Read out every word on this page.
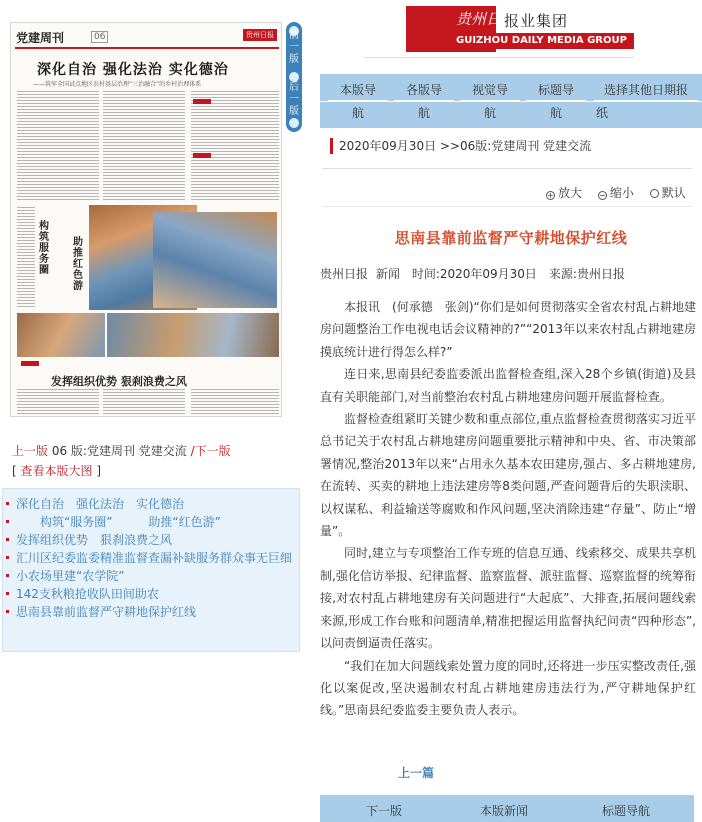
党建周刊	06	贵州日报
深化自治 强化法治 实化德治
——筑牢全国试点地区农村基层治理“三治融合”的乡村治理体系
构筑服务圈
助推红色游
发挥组织优势 狠刹浪费之风
前一版
后一版
上一版 06 版:党建周刊 党建交流 /下一版
[ 查看本版大图 ]
深化自治　强化法治　实化德治
　　构筑“服务圈”　　　助推“红色游”
发挥组织优势　狠刹浪费之风
汇川区纪委监委精准监督查漏补缺服务群众事无巨细
小农场里建“农学院”
142支秋粮抢收队田间助农
思南县靠前监督严守耕地保护红线
贵报
传媒
贵州日报
报业集团
GUIZHOU DAILY MEDIA GROUP
本版导
航
各版导
航
视觉导
航
标题导
航
选择其他日期报
纸
2020年09月30日 >>06版:党建周刊 党建交流
+ 放大 − 缩小 默认
思南县靠前监督严守耕地保护红线
贵州日报 新闻　时间:2020年09月30日　来源:贵州日报

本报讯　(何承德　张剑)“你们是如何贯彻落实全省农村乱占耕地建房问题整治工作电视电话会议精神的?”“2013年以来农村乱占耕地建房摸底统计进行得怎么样?”

连日来,思南县纪委监委派出监督检查组,深入28个乡镇(街道)及县直有关职能部门,对当前整治农村乱占耕地建房问题开展监督检查。

监督检查组紧盯关键少数和重点部位,重点监督检查贯彻落实习近平总书记关于农村乱占耕地建房问题重要批示精神和中央、省、市决策部署情况,整治2013年以来“占用永久基本农田建房,强占、多占耕地建房,在流转、买卖的耕地上违法建房等8类问题,严查问题背后的失职渎职、以权谋私、利益输送等腐败和作风问题,坚决消除违建“存量”、防止“增量”。

同时,建立与专项整治工作专班的信息互通、线索移交、成果共享机制,强化信访举报、纪律监督、监察监督、派驻监督、巡察监督的统筹衔接,对农村乱占耕地建房有关问题进行“大起底”、大排查,拓展问题线索来源,形成工作台账和问题清单,精准把握运用监督执纪问责“四种形态”,以问责倒逼责任落实。

“我们在加大问题线索处置力度的同时,还将进一步压实整改责任,强化以案促改,坚决遏制农村乱占耕地建房违法行为,严守耕地保护红线。”思南县纪委监委主要负责人表示。

上一篇
下一版	本版新闻	标题导航
